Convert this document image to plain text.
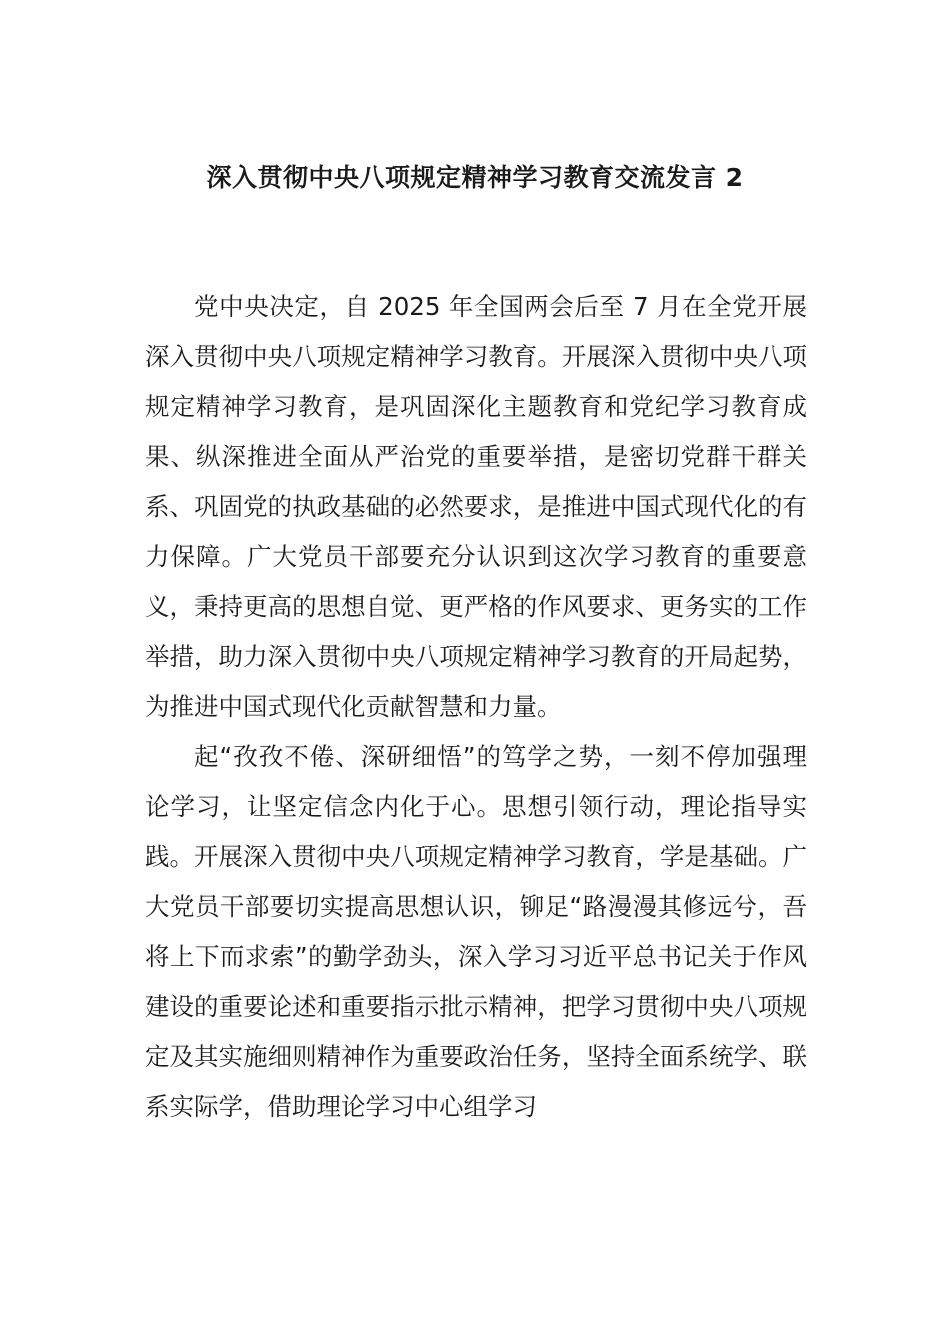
深入贯彻中央八项规定精神学习教育交流发言 2

党中央决定，自 2025 年全国两会后至 7 月在全党开展深入贯彻中央八项规定精神学习教育。开展深入贯彻中央八项规定精神学习教育，是巩固深化主题教育和党纪学习教育成果、纵深推进全面从严治党的重要举措，是密切党群干群关系、巩固党的执政基础的必然要求，是推进中国式现代化的有力保障。广大党员干部要充分认识到这次学习教育的重要意义，秉持更高的思想自觉、更严格的作风要求、更务实的工作举措，助力深入贯彻中央八项规定精神学习教育的开局起势，为推进中国式现代化贡献智慧和力量。

起“孜孜不倦、深研细悟”的笃学之势，一刻不停加强理论学习，让坚定信念内化于心。思想引领行动，理论指导实践。开展深入贯彻中央八项规定精神学习教育，学是基础。广大党员干部要切实提高思想认识，铆足“路漫漫其修远兮，吾将上下而求索”的勤学劲头，深入学习习近平总书记关于作风建设的重要论述和重要指示批示精神，把学习贯彻中央八项规定及其实施细则精神作为重要政治任务，坚持全面系统学、联系实际学，借助理论学习中心组学习
